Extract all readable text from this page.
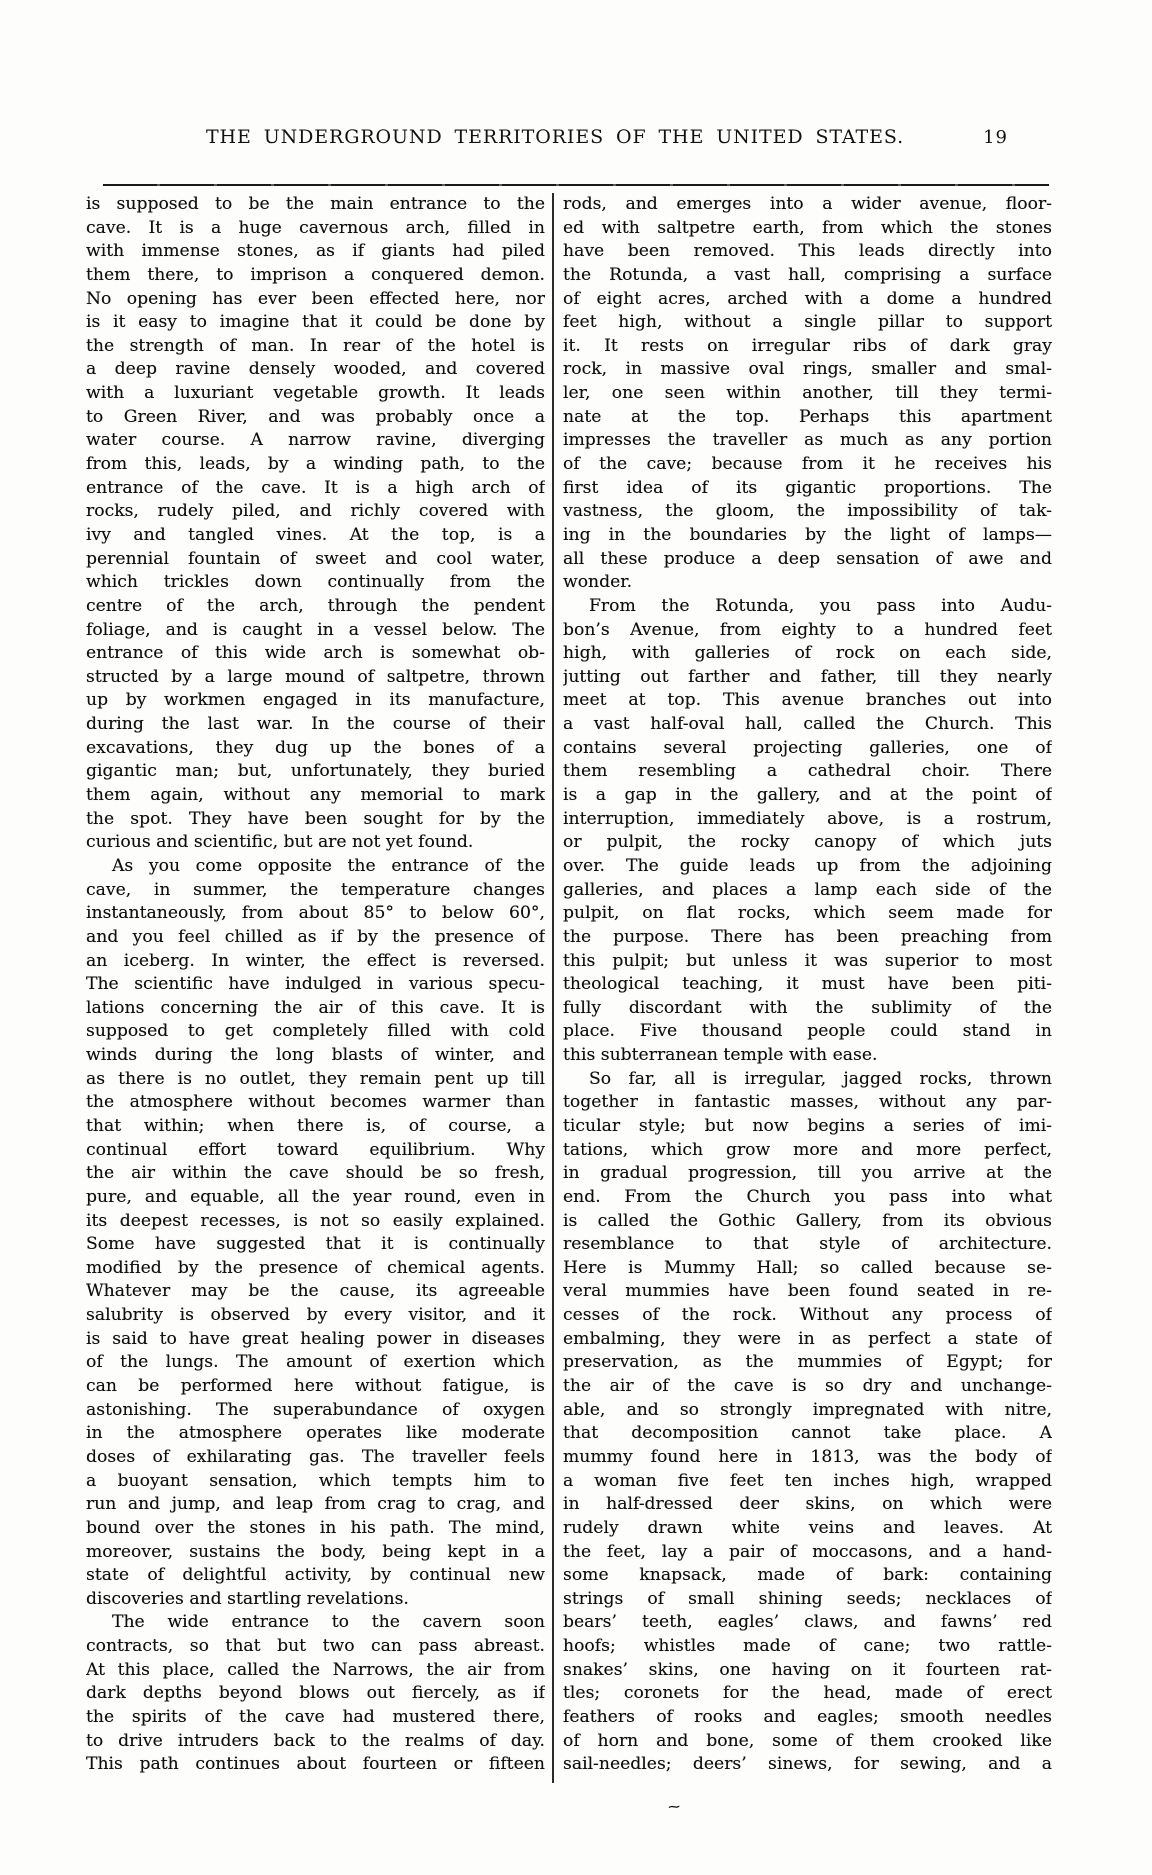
THE UNDERGROUND TERRITORIES OF THE UNITED STATES.	19
is supposed to be the main entrance to the
cave. It is a huge cavernous arch, filled in
with immense stones, as if giants had piled
them there, to imprison a conquered demon.
No opening has ever been effected here, nor
is it easy to imagine that it could be done by
the strength of man. In rear of the hotel is
a deep ravine densely wooded, and covered
with a luxuriant vegetable growth. It leads
to Green River, and was probably once a
water course. A narrow ravine, diverging
from this, leads, by a winding path, to the
entrance of the cave. It is a high arch of
rocks, rudely piled, and richly covered with
ivy and tangled vines. At the top, is a
perennial fountain of sweet and cool water,
which trickles down continually from the
centre of the arch, through the pendent
foliage, and is caught in a vessel below. The
entrance of this wide arch is somewhat ob-
structed by a large mound of saltpetre, thrown
up by workmen engaged in its manufacture,
during the last war. In the course of their
excavations, they dug up the bones of a
gigantic man; but, unfortunately, they buried
them again, without any memorial to mark
the spot. They have been sought for by the
curious and scientific, but are not yet found.
As you come opposite the entrance of the
cave, in summer, the temperature changes
instantaneously, from about 85° to below 60°,
and you feel chilled as if by the presence of
an iceberg. In winter, the effect is reversed.
The scientific have indulged in various specu-
lations concerning the air of this cave. It is
supposed to get completely filled with cold
winds during the long blasts of winter, and
as there is no outlet, they remain pent up till
the atmosphere without becomes warmer than
that within; when there is, of course, a
continual effort toward equilibrium. Why
the air within the cave should be so fresh,
pure, and equable, all the year round, even in
its deepest recesses, is not so easily explained.
Some have suggested that it is continually
modified by the presence of chemical agents.
Whatever may be the cause, its agreeable
salubrity is observed by every visitor, and it
is said to have great healing power in diseases
of the lungs. The amount of exertion which
can be performed here without fatigue, is
astonishing. The superabundance of oxygen
in the atmosphere operates like moderate
doses of exhilarating gas. The traveller feels
a buoyant sensation, which tempts him to
run and jump, and leap from crag to crag, and
bound over the stones in his path. The mind,
moreover, sustains the body, being kept in a
state of delightful activity, by continual new
discoveries and startling revelations.
The wide entrance to the cavern soon
contracts, so that but two can pass abreast.
At this place, called the Narrows, the air from
dark depths beyond blows out fiercely, as if
the spirits of the cave had mustered there,
to drive intruders back to the realms of day.
This path continues about fourteen or fifteen
rods, and emerges into a wider avenue, floor-
ed with saltpetre earth, from which the stones
have been removed. This leads directly into
the Rotunda, a vast hall, comprising a surface
of eight acres, arched with a dome a hundred
feet high, without a single pillar to support
it. It rests on irregular ribs of dark gray
rock, in massive oval rings, smaller and smal-
ler, one seen within another, till they termi-
nate at the top. Perhaps this apartment
impresses the traveller as much as any portion
of the cave; because from it he receives his
first idea of its gigantic proportions. The
vastness, the gloom, the impossibility of tak-
ing in the boundaries by the light of lamps—
all these produce a deep sensation of awe and
wonder.
From the Rotunda, you pass into Audu-
bon’s Avenue, from eighty to a hundred feet
high, with galleries of rock on each side,
jutting out farther and father, till they nearly
meet at top. This avenue branches out into
a vast half-oval hall, called the Church. This
contains several projecting galleries, one of
them resembling a cathedral choir. There
is a gap in the gallery, and at the point of
interruption, immediately above, is a rostrum,
or pulpit, the rocky canopy of which juts
over. The guide leads up from the adjoining
galleries, and places a lamp each side of the
pulpit, on flat rocks, which seem made for
the purpose. There has been preaching from
this pulpit; but unless it was superior to most
theological teaching, it must have been piti-
fully discordant with the sublimity of the
place. Five thousand people could stand in
this subterranean temple with ease.
So far, all is irregular, jagged rocks, thrown
together in fantastic masses, without any par-
ticular style; but now begins a series of imi-
tations, which grow more and more perfect,
in gradual progression, till you arrive at the
end. From the Church you pass into what
is called the Gothic Gallery, from its obvious
resemblance to that style of architecture.
Here is Mummy Hall; so called because se-
veral mummies have been found seated in re-
cesses of the rock. Without any process of
embalming, they were in as perfect a state of
preservation, as the mummies of Egypt; for
the air of the cave is so dry and unchange-
able, and so strongly impregnated with nitre,
that decomposition cannot take place. A
mummy found here in 1813, was the body of
a woman five feet ten inches high, wrapped
in half-dressed deer skins, on which were
rudely drawn white veins and leaves. At
the feet, lay a pair of moccasons, and a hand-
some knapsack, made of bark: containing
strings of small shining seeds; necklaces of
bears’ teeth, eagles’ claws, and fawns’ red
hoofs; whistles made of cane; two rattle-
snakes’ skins, one having on it fourteen rat-
tles; coronets for the head, made of erect
feathers of rooks and eagles; smooth needles
of horn and bone, some of them crooked like
sail-needles; deers’ sinews, for sewing, and a
~
